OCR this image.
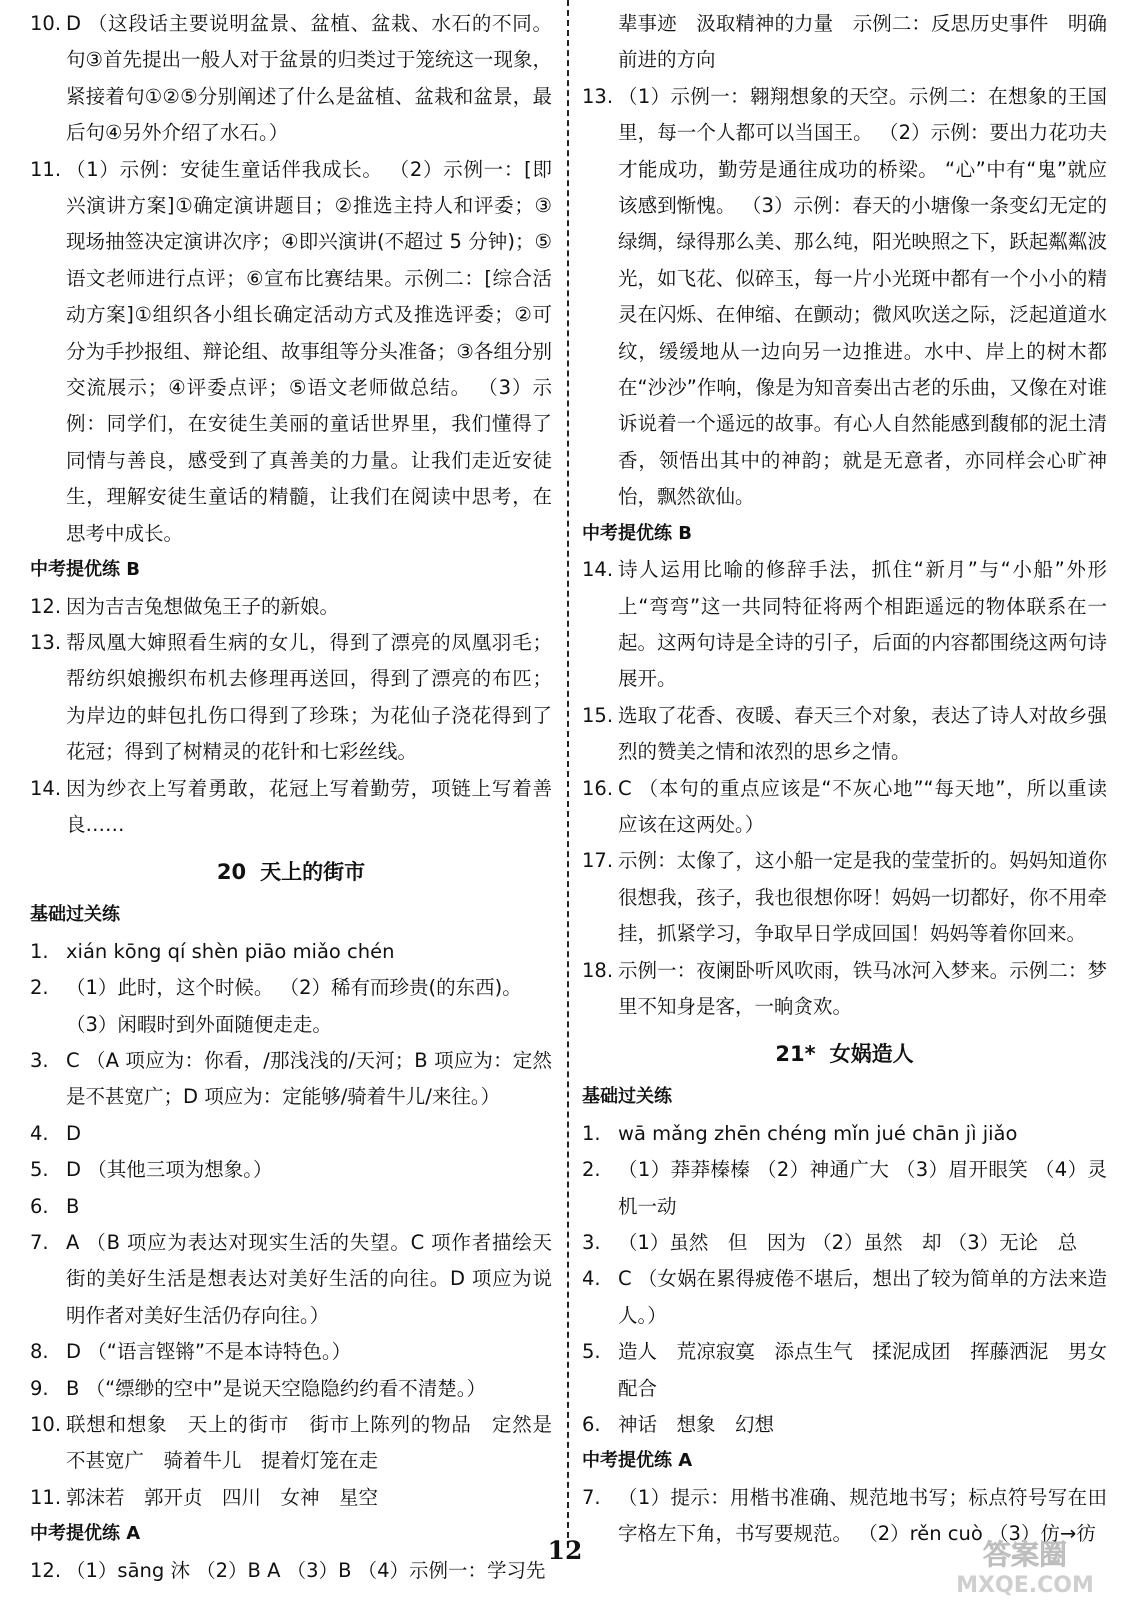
10. D （这段话主要说明盆景、盆植、盆栽、水石的不同。句③首先提出一般人对于盆景的归类过于笼统这一现象，紧接着句①②⑤分别阐述了什么是盆植、盆栽和盆景，最后句④另外介绍了水石。）
11. （1）示例：安徒生童话伴我成长。 （2）示例一：[即兴演讲方案]①确定演讲题目；②推选主持人和评委；③现场抽签决定演讲次序；④即兴演讲(不超过 5 分钟)；⑤语文老师进行点评；⑥宣布比赛结果。示例二：[综合活动方案]①组织各小组长确定活动方式及推选评委；②可分为手抄报组、辩论组、故事组等分头准备；③各组分别交流展示；④评委点评；⑤语文老师做总结。 （3）示例：同学们，在安徒生美丽的童话世界里，我们懂得了同情与善良，感受到了真善美的力量。让我们走近安徒生，理解安徒生童话的精髓，让我们在阅读中思考，在思考中成长。
中考提优练 B
12. 因为吉吉兔想做兔王子的新娘。
13. 帮凤凰大婶照看生病的女儿，得到了漂亮的凤凰羽毛；帮纺织娘搬织布机去修理再送回，得到了漂亮的布匹；为岸边的蚌包扎伤口得到了珍珠；为花仙子浇花得到了花冠；得到了树精灵的花针和七彩丝线。
14. 因为纱衣上写着勇敢，花冠上写着勤劳，项链上写着善良……
20 天上的街市
基础过关练
1. xián kōng qí shèn piāo miǎo chén
2. （1）此时，这个时候。 （2）稀有而珍贵(的东西)。
（3）闲暇时到外面随便走走。
3. C （A 项应为：你看，/那浅浅的/天河；B 项应为：定然是不甚宽广；D 项应为：定能够/骑着牛儿/来往。）
4. D
5. D （其他三项为想象。）
6. B
7. A （B 项应为表达对现实生活的失望。C 项作者描绘天街的美好生活是想表达对美好生活的向往。D 项应为说明作者对美好生活仍存向往。）
8. D （“语言铿锵”不是本诗特色。）
9. B （“缥缈的空中”是说天空隐隐约约看不清楚。）
10. 联想和想象　天上的街市　街市上陈列的物品　定然是不甚宽广　骑着牛儿　提着灯笼在走
11. 郭沫若　郭开贞　四川　女神　星空
中考提优练 A
12. （1）sāng 沐 （2）B A （3）B （4）示例一：学习先
辈事迹　汲取精神的力量　示例二：反思历史事件　明确前进的方向
13. （1）示例一：翱翔想象的天空。示例二：在想象的王国里，每一个人都可以当国王。 （2）示例：要出力花功夫才能成功，勤劳是通往成功的桥梁。 “心”中有“鬼”就应该感到惭愧。 （3）示例：春天的小塘像一条变幻无定的绿绸，绿得那么美、那么纯，阳光映照之下，跃起粼粼波光，如飞花、似碎玉，每一片小光斑中都有一个小小的精灵在闪烁、在伸缩、在颤动；微风吹送之际，泛起道道水纹，缓缓地从一边向另一边推进。水中、岸上的树木都在“沙沙”作响，像是为知音奏出古老的乐曲，又像在对谁诉说着一个遥远的故事。有心人自然能感到馥郁的泥土清香，领悟出其中的神韵；就是无意者，亦同样会心旷神怡，飘然欲仙。
中考提优练 B
14. 诗人运用比喻的修辞手法，抓住“新月”与“小船”外形上“弯弯”这一共同特征将两个相距遥远的物体联系在一起。这两句诗是全诗的引子，后面的内容都围绕这两句诗展开。
15. 选取了花香、夜暖、春天三个对象，表达了诗人对故乡强烈的赞美之情和浓烈的思乡之情。
16. C （本句的重点应该是“不灰心地”“每天地”，所以重读应该在这两处。）
17. 示例：太像了，这小船一定是我的莹莹折的。妈妈知道你很想我，孩子，我也很想你呀！妈妈一切都好，你不用牵挂，抓紧学习，争取早日学成回国！妈妈等着你回来。
18. 示例一：夜阑卧听风吹雨，铁马冰河入梦来。示例二：梦里不知身是客，一晌贪欢。
21* 女娲造人
基础过关练
1. wā mǎng zhēn chéng mǐn jué chān jì jiǎo
2. （1）莽莽榛榛 （2）神通广大 （3）眉开眼笑 （4）灵机一动
3. （1）虽然　但　因为 （2）虽然　却 （3）无论　总
4. C （女娲在累得疲倦不堪后，想出了较为简单的方法来造人。）
5. 造人　荒凉寂寞　添点生气　揉泥成团　挥藤洒泥　男女配合
6. 神话　想象　幻想
中考提优练 A
7. （1）提示：用楷书准确、规范地书写；标点符号写在田字格左下角，书写要规范。 （2）rěn cuò （3）仿→彷
12	答案圈
MXQE.COM
